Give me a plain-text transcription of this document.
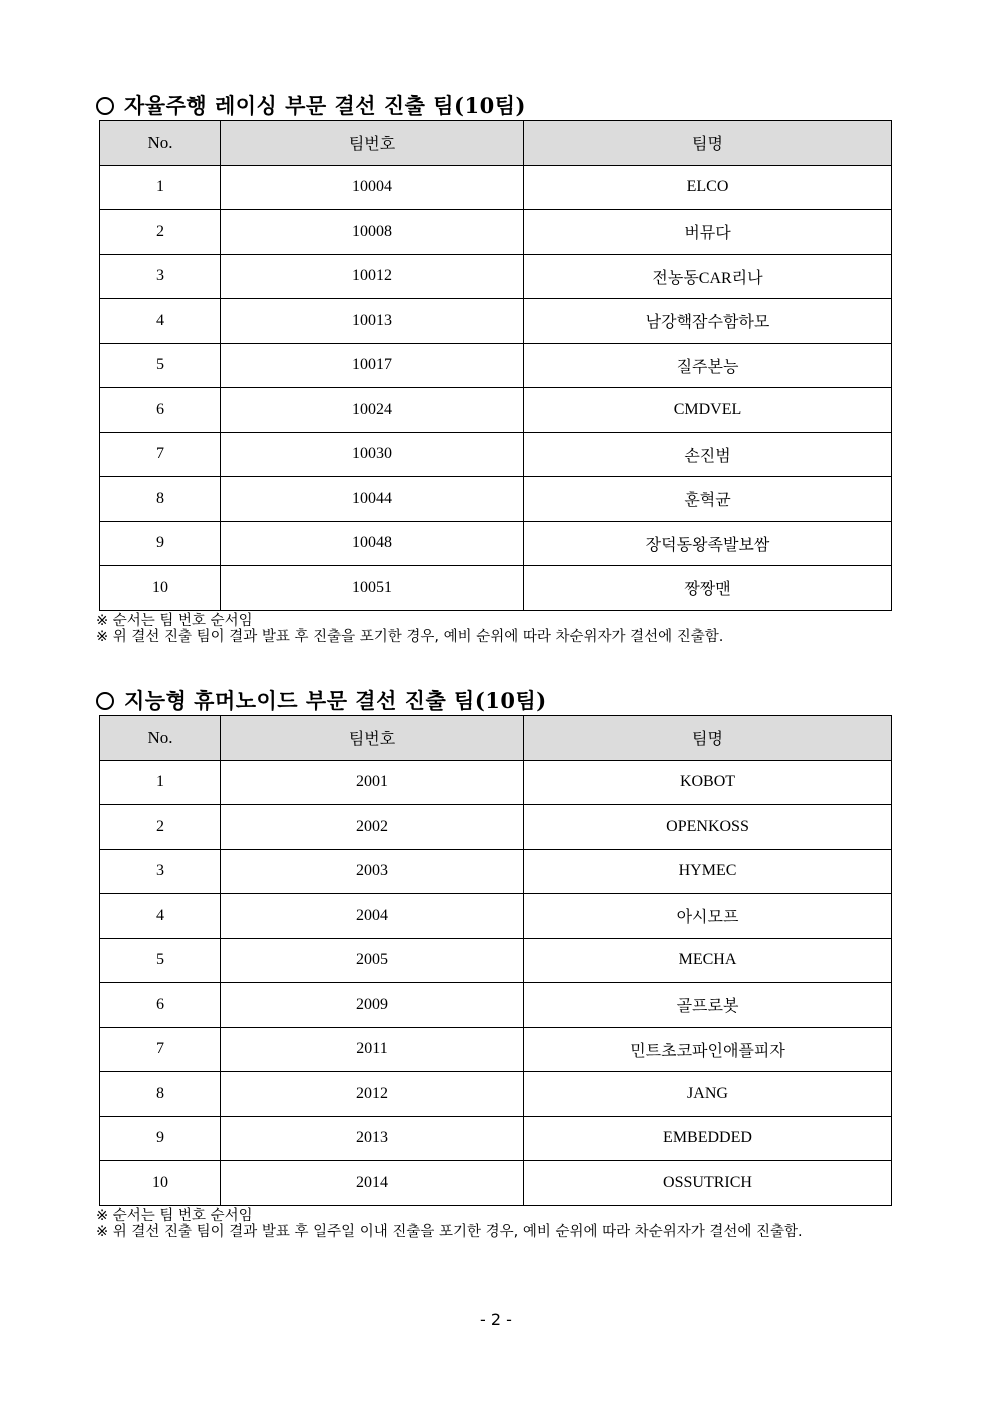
자율주행 레이싱 부문 결선 진출 팀(10팀)
No.	팀번호	팀명
1	10004	ELCO
2	10008	버뮤다
3	10012	전농동CAR리나
4	10013	남강핵잠수함하모
5	10017	질주본능
6	10024	CMDVEL
7	10030	손진범
8	10044	훈혁균
9	10048	장덕동왕족발보쌈
10	10051	짱짱맨
※ 순서는 팀 번호 순서임
※ 위 결선 진출 팀이 결과 발표 후 진출을 포기한 경우, 예비 순위에 따라 차순위자가 결선에 진출함.
지능형 휴머노이드 부문 결선 진출 팀(10팀)
No.	팀번호	팀명
1	2001	KOBOT
2	2002	OPENKOSS
3	2003	HYMEC
4	2004	아시모프
5	2005	MECHA
6	2009	골프로봇
7	2011	민트초코파인애플피자
8	2012	JANG
9	2013	EMBEDDED
10	2014	OSSUTRICH
※ 순서는 팀 번호 순서임
※ 위 결선 진출 팀이 결과 발표 후 일주일 이내 진출을 포기한 경우, 예비 순위에 따라 차순위자가 결선에 진출함.
- 2 -
